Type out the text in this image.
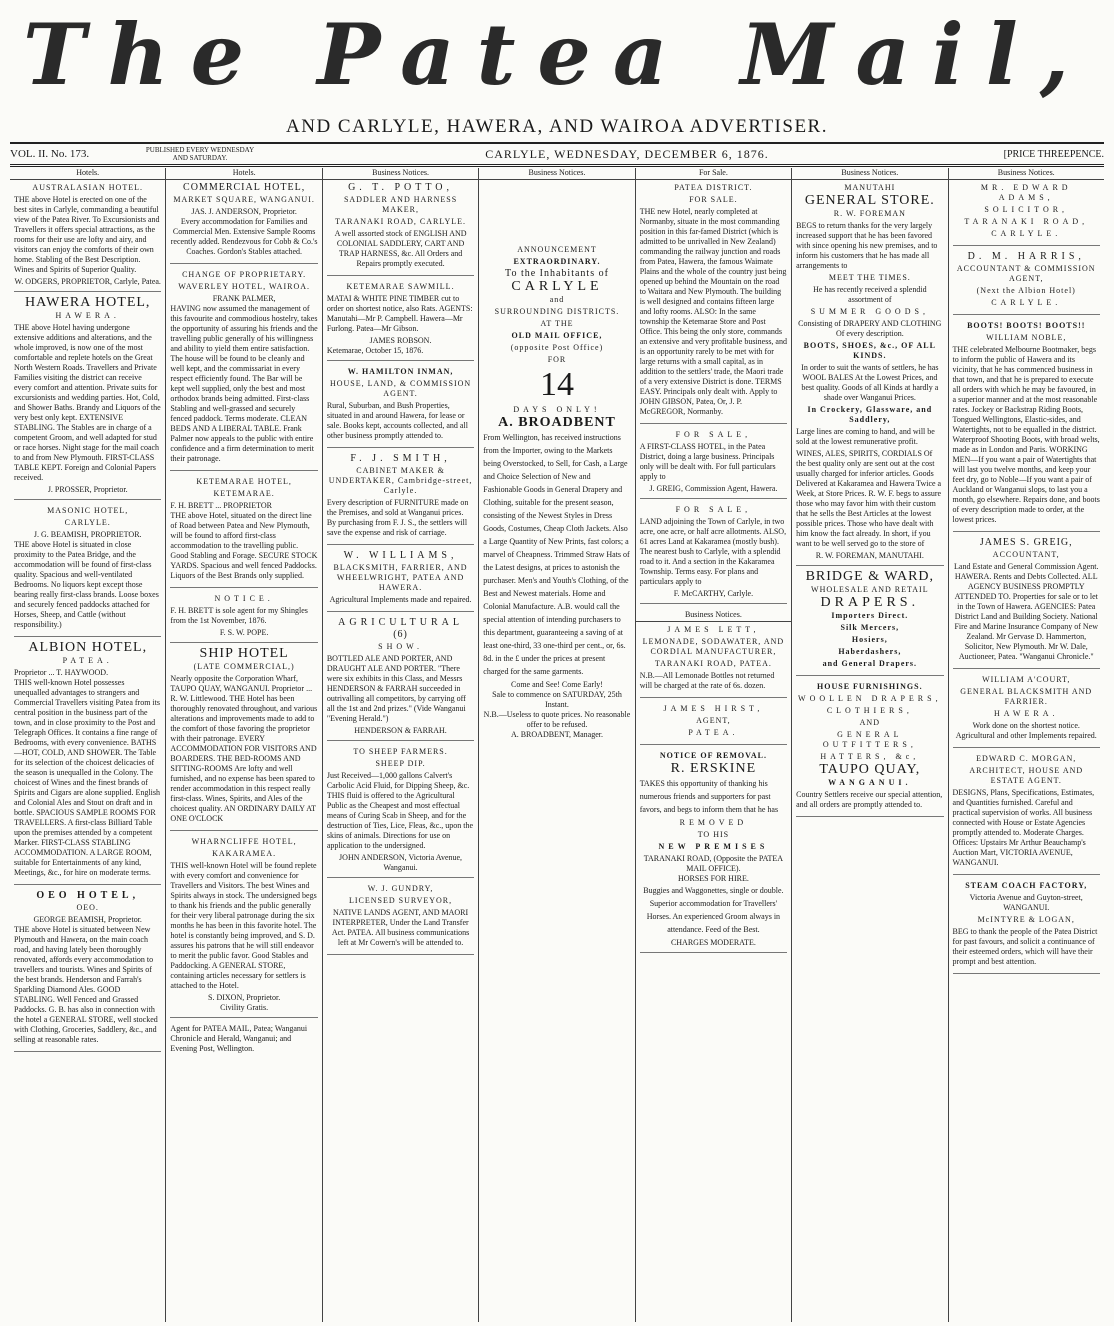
The Patea Mail,
AND CARLYLE, HAWERA, AND WAIROA ADVERTISER.
VOL. II. No. 173.	PUBLISHED EVERY WEDNESDAY AND SATURDAY.	CARLYLE, WEDNESDAY, DECEMBER 6, 1876.	[PRICE THREEPENCE.
Hotels.
AUSTRALASIAN HOTEL.

THE above Hotel is erected on one of the best sites in Carlyle, commanding a beautiful view of the Patea River. To Excursionists and Travellers it offers special attractions, as the rooms for their use are lofty and airy, and visitors can enjoy the comforts of their own home. Stabling of the Best Description. Wines and Spirits of Superior Quality.

W. ODGERS, PROPRIETOR, Carlyle, Patea.
HAWERA HOTEL,
HAWERA.

THE above Hotel having undergone extensive additions and alterations, and the whole improved, is now one of the most comfortable and replete hotels on the Great North Western Roads. Travellers and Private Families visiting the district can receive every comfort and attention. Private suits for excursionists and wedding parties. Hot, Cold, and Shower Baths. Brandy and Liquors of the very best only kept. EXTENSIVE STABLING. The Stables are in charge of a competent Groom, and well adapted for stud or race horses. Night stage for the mail coach to and from New Plymouth. FIRST-CLASS TABLE KEPT. Foreign and Colonial Papers received.

J. PROSSER, Proprietor.
MASONIC HOTEL,
CARLYLE.
J. G. BEAMISH, PROPRIETOR.

THE above Hotel is situated in close proximity to the Patea Bridge, and the accommodation will be found of first-class quality. Spacious and well-ventilated Bedrooms. No liquors kept except those bearing really first-class brands. Loose boxes and securely fenced paddocks attached for Horses, Sheep, and Cattle (without responsibility.)

ALBION HOTEL,
PATEA.
Proprietor ... T. HAYWOOD.

THIS well-known Hotel possesses unequalled advantages to strangers and Commercial Travellers visiting Patea from its central position in the business part of the town, and in close proximity to the Post and Telegraph Offices. It contains a fine range of Bedrooms, with every convenience. BATHS—HOT, COLD, AND SHOWER. The Table for its selection of the choicest delicacies of the season is unequalled in the Colony. The choicest of Wines and the finest brands of Spirits and Cigars are alone supplied. English and Colonial Ales and Stout on draft and in bottle. SPACIOUS SAMPLE ROOMS FOR TRAVELLERS. A first-class Billiard Table upon the premises attended by a competent Marker. FIRST-CLASS STABLING ACCOMMODATION. A LARGE ROOM, suitable for Entertainments of any kind, Meetings, &c., for hire on moderate terms.

OEO HOTEL,
OEO.
GEORGE BEAMISH, Proprietor.

THE above Hotel is situated between New Plymouth and Hawera, on the main coach road, and having lately been thoroughly renovated, affords every accommodation to travellers and tourists. Wines and Spirits of the best brands. Henderson and Farrah's Sparkling Diamond Ales. GOOD STABLING. Well Fenced and Grassed Paddocks. G. B. has also in connection with the hotel a GENERAL STORE, well stocked with Clothing, Groceries, Saddlery, &c., and selling at reasonable rates.

Hotels.
COMMERCIAL HOTEL,
MARKET SQUARE, WANGANUI.
JAS. J. ANDERSON, Proprietor.

Every accommodation for Families and Commercial Men. Extensive Sample Rooms recently added. Rendezvous for Cobb & Co.'s Coaches. Gordon's Stables attached.

CHANGE OF PROPRIETARY.
WAVERLEY HOTEL, WAIROA.
FRANK PALMER,

HAVING now assumed the management of this favourite and commodious hostelry, takes the opportunity of assuring his friends and the travelling public generally of his willingness and ability to yield them entire satisfaction. The house will be found to be cleanly and well kept, and the commissariat in every respect efficiently found. The Bar will be kept well supplied, only the best and most orthodox brands being admitted. First-class Stabling and well-grassed and securely fenced paddock. Terms moderate. CLEAN BEDS AND A LIBERAL TABLE. Frank Palmer now appeals to the public with entire confidence and a firm determination to merit their patronage.

KETEMARAE HOTEL,
KETEMARAE.
F. H. BRETT ... PROPRIETOR

THE above Hotel, situated on the direct line of Road between Patea and New Plymouth, will be found to afford first-class accommodation to the travelling public. Good Stabling and Forage. SECURE STOCK YARDS. Spacious and well fenced Paddocks. Liquors of the Best Brands only supplied.

NOTICE.

F. H. BRETT is sole agent for my Shingles from the 1st November, 1876.

F. S. W. POPE.
SHIP HOTEL
(LATE COMMERCIAL,)

Nearly opposite the Corporation Wharf, TAUPO QUAY, WANGANUI. Proprietor ... R. W. Littlewood. THE Hotel has been thoroughly renovated throughout, and various alterations and improvements made to add to the comfort of those favoring the proprietor with their patronage. EVERY ACCOMMODATION FOR VISITORS AND BOARDERS. THE BED-ROOMS AND SITTING-ROOMS Are lofty and well furnished, and no expense has been spared to render accommodation in this respect really first-class. Wines, Spirits, and Ales of the choicest quality. AN ORDINARY DAILY AT ONE O'CLOCK

WHARNCLIFFE HOTEL,
KAKARAMEA.

THIS well-known Hotel will be found replete with every comfort and convenience for Travellers and Visitors. The best Wines and Spirits always in stock. The undersigned begs to thank his friends and the public generally for their very liberal patronage during the six months he has been in this favorite hotel. The hotel is constantly being improved, and S. D. assures his patrons that he will still endeavor to merit the public favor. Good Stables and Paddocking. A GENERAL STORE, containing articles necessary for settlers is attached to the Hotel.

S. DIXON, Proprietor.
Civility Gratis.

Agent for PATEA MAIL, Patea; Wanganui Chronicle and Herald, Wanganui; and Evening Post, Wellington.

Business Notices.
G. T. POTTO,
SADDLER AND HARNESS MAKER,
TARANAKI ROAD, CARLYLE.

A well assorted stock of ENGLISH AND COLONIAL SADDLERY, CART AND TRAP HARNESS, &c. All Orders and Repairs promptly executed.

KETEMARAE SAWMILL.

MATAI & WHITE PINE TIMBER cut to order on shortest notice, also Rats. AGENTS: Manutahi—Mr P. Campbell. Hawera—Mr Furlong. Patea—Mr Gibson.

JAMES ROBSON.
Ketemarae, October 15, 1876.
W. HAMILTON INMAN,
HOUSE, LAND, & COMMISSION AGENT.

Rural, Suburban, and Bush Properties, situated in and around Hawera, for lease or sale. Books kept, accounts collected, and all other business promptly attended to.

F. J. SMITH,
CABINET MAKER & UNDERTAKER, Cambridge-street, Carlyle.

Every description of FURNITURE made on the Premises, and sold at Wanganui prices. By purchasing from F. J. S., the settlers will save the expense and risk of carriage.

W. WILLIAMS,
BLACKSMITH, FARRIER, AND WHEELWRIGHT, PATEA AND HAWERA.

Agricultural Implements made and repaired.

AGRICULTURAL
(6)
SHOW.

BOTTLED ALE AND PORTER, AND DRAUGHT ALE AND PORTER. "There were six exhibits in this Class, and Messrs HENDERSON & FARRAH succeeded in outrivalling all competitors, by carrying off all the 1st and 2nd prizes." (Vide Wanganui "Evening Herald.")

HENDERSON & FARRAH.
TO SHEEP FARMERS.
SHEEP DIP.

Just Received—1,000 gallons Calvert's Carbolic Acid Fluid, for Dipping Sheep, &c. THIS fluid is offered to the Agricultural Public as the Cheapest and most effectual means of Curing Scab in Sheep, and for the destruction of Ties, Lice, Fleas, &c., upon the skins of animals. Directions for use on application to the undersigned.

JOHN ANDERSON, Victoria Avenue, Wanganui.
W. J. GUNDRY,
LICENSED SURVEYOR,

NATIVE LANDS AGENT, AND MAORI INTERPRETER, Under the Land Transfer Act. PATEA. All business communications left at Mr Cowern's will be attended to.

Business Notices.
ANNOUNCEMENT
EXTRAORDINARY.
To the Inhabitants of
CARLYLE
and
SURROUNDING DISTRICTS.
AT THE
OLD MAIL OFFICE,
(opposite Post Office)
FOR
14
DAYS ONLY!
A. BROADBENT

From Wellington, has received instructions from the Importer, owing to the Markets being Overstocked, to Sell, for Cash, a Large and Choice Selection of New and Fashionable Goods in General Drapery and Clothing, suitable for the present season, consisting of the Newest Styles in Dress Goods, Costumes, Cheap Cloth Jackets. Also a Large Quantity of New Prints, fast colors; a marvel of Cheapness. Trimmed Straw Hats of the Latest designs, at prices to astonish the purchaser. Men's and Youth's Clothing, of the Best and Newest materials. Home and Colonial Manufacture. A.B. would call the special attention of intending purchasers to this department, guaranteeing a saving of at least one-third, 33 one-third per cent., or, 6s. 8d. in the £ under the prices at present charged for the same garments.

Come and See! Come Early!
Sale to commence on SATURDAY, 25th Instant.
N.B.—Useless to quote prices. No reasonable offer to be refused.
A. BROADBENT, Manager.
For Sale.
PATEA DISTRICT.
FOR SALE.

THE new Hotel, nearly completed at Normanby, situate in the most commanding position in this far-famed District (which is admitted to be unrivalled in New Zealand) commanding the railway junction and roads from Patea, Hawera, the famous Waimate Plains and the whole of the country just being opened up behind the Mountain on the road to Waitara and New Plymouth. The building is well designed and contains fifteen large and lofty rooms. ALSO: In the same township the Ketemarae Store and Post Office. This being the only store, commands an extensive and very profitable business, and is an opportunity rarely to be met with for large returns with a small capital, as in addition to the settlers' trade, the Maori trade of a very extensive District is done. TERMS EASY. Principals only dealt with. Apply to JOHN GIBSON, Patea, Or, J. P. McGREGOR, Normanby.

FOR SALE,

A FIRST-CLASS HOTEL, in the Patea District, doing a large business. Principals only will be dealt with. For full particulars apply to

J. GREIG, Commission Agent, Hawera.
FOR SALE,

LAND adjoining the Town of Carlyle, in two acre, one acre, or half acre allotments. ALSO, 61 acres Land at Kakaramea (mostly bush). The nearest bush to Carlyle, with a splendid road to it. And a section in the Kakaramea Township. Terms easy. For plans and particulars apply to

F. McCARTHY, Carlyle.
Business Notices.
JAMES LETT,
LEMONADE, SODAWATER, AND CORDIAL MANUFACTURER,
TARANAKI ROAD, PATEA.

N.B.—All Lemonade Bottles not returned will be charged at the rate of 6s. dozen.

JAMES HIRST,
AGENT,
PATEA.
NOTICE OF REMOVAL.
R. ERSKINE

TAKES this opportunity of thanking his numerous friends and supporters for past favors, and begs to inform them that he has

REMOVED
TO HIS
NEW PREMISES
TARANAKI ROAD, (Opposite the PATEA MAIL OFFICE).
HORSES FOR HIRE.

Buggies and Waggonettes, single or double. Superior accommodation for Travellers' Horses. An experienced Groom always in attendance. Feed of the Best.

CHARGES MODERATE.
Business Notices.
MANUTAHI
GENERAL STORE.
R. W. FOREMAN

BEGS to return thanks for the very largely increased support that he has been favored with since opening his new premises, and to inform his customers that he has made all arrangements to

MEET THE TIMES.

He has recently received a splendid assortment of

SUMMER GOODS,

Consisting of DRAPERY AND CLOTHING Of every description.

BOOTS, SHOES, &c., OF ALL KINDS.

In order to suit the wants of settlers, he has WOOL BALES At the Lowest Prices, and best quality. Goods of all Kinds at hardly a shade over Wanganui Prices.

In Crockery, Glassware, and Saddlery,

Large lines are coming to hand, and will be sold at the lowest remunerative profit.

WINES, ALES, SPIRITS, CORDIALS Of the best quality only are sent out at the cost usually charged for inferior articles. Goods Delivered at Kakaramea and Hawera Twice a Week, at Store Prices. R. W. F. begs to assure those who may favor him with their custom that he sells the Best Articles at the lowest possible prices. Those who have dealt with him know the fact already. In short, if you want to be well served go to the store of

R. W. FOREMAN, MANUTAHI.
BRIDGE & WARD,
WHOLESALE AND RETAIL
DRAPERS.
Importers Direct.
Silk Mercers,
Hosiers,
Haberdashers,
and General Drapers.
HOUSE FURNISHINGS.
WOOLLEN DRAPERS,
CLOTHIERS,
AND
GENERAL OUTFITTERS,
HATTERS, &c,
TAUPO QUAY,
WANGANUI.

Country Settlers receive our special attention, and all orders are promptly attended to.

Business Notices.
MR. EDWARD ADAMS,
SOLICITOR,
TARANAKI ROAD,
CARLYLE.
D. M. HARRIS,
ACCOUNTANT & COMMISSION AGENT,
(Next the Albion Hotel)
CARLYLE.
BOOTS! BOOTS! BOOTS!!
WILLIAM NOBLE,

THE celebrated Melbourne Bootmaker, begs to inform the public of Hawera and its vicinity, that he has commenced business in that town, and that he is prepared to execute all orders with which he may be favoured, in a superior manner and at the most reasonable rates. Jockey or Backstrap Riding Boots, Tongued Wellingtons, Elastic-sides, and Watertights, not to be equalled in the district. Waterproof Shooting Boots, with broad welts, made as in London and Paris. WORKING MEN—If you want a pair of Watertights that will last you twelve months, and keep your feet dry, go to Noble—If you want a pair of Auckland or Wanganui slops, to last you a month, go elsewhere. Repairs done, and boots of every description made to order, at the lowest prices.

JAMES S. GREIG,
ACCOUNTANT,

Land Estate and General Commission Agent. HAWERA. Rents and Debts Collected. ALL AGENCY BUSINESS PROMPTLY ATTENDED TO. Properties for sale or to let in the Town of Hawera. AGENCIES: Patea District Land and Building Society. National Fire and Marine Insurance Company of New Zealand. Mr Gervase D. Hammerton, Solicitor, New Plymouth. Mr W. Dale, Auctioneer, Patea. "Wanganui Chronicle."

WILLIAM A'COURT,
GENERAL BLACKSMITH AND FARRIER.
HAWERA.

Work done on the shortest notice. Agricultural and other Implements repaired.

EDWARD C. MORGAN,
ARCHITECT, HOUSE AND ESTATE AGENT.

DESIGNS, Plans, Specifications, Estimates, and Quantities furnished. Careful and practical supervision of works. All business connected with House or Estate Agencies promptly attended to. Moderate Charges. Offices: Upstairs Mr Arthur Beauchamp's Auction Mart, VICTORIA AVENUE, WANGANUI.

STEAM COACH FACTORY,
Victoria Avenue and Guyton-street, WANGANUI.
McINTYRE & LOGAN,

BEG to thank the people of the Patea District for past favours, and solicit a continuance of their esteemed orders, which will have their prompt and best attention.
